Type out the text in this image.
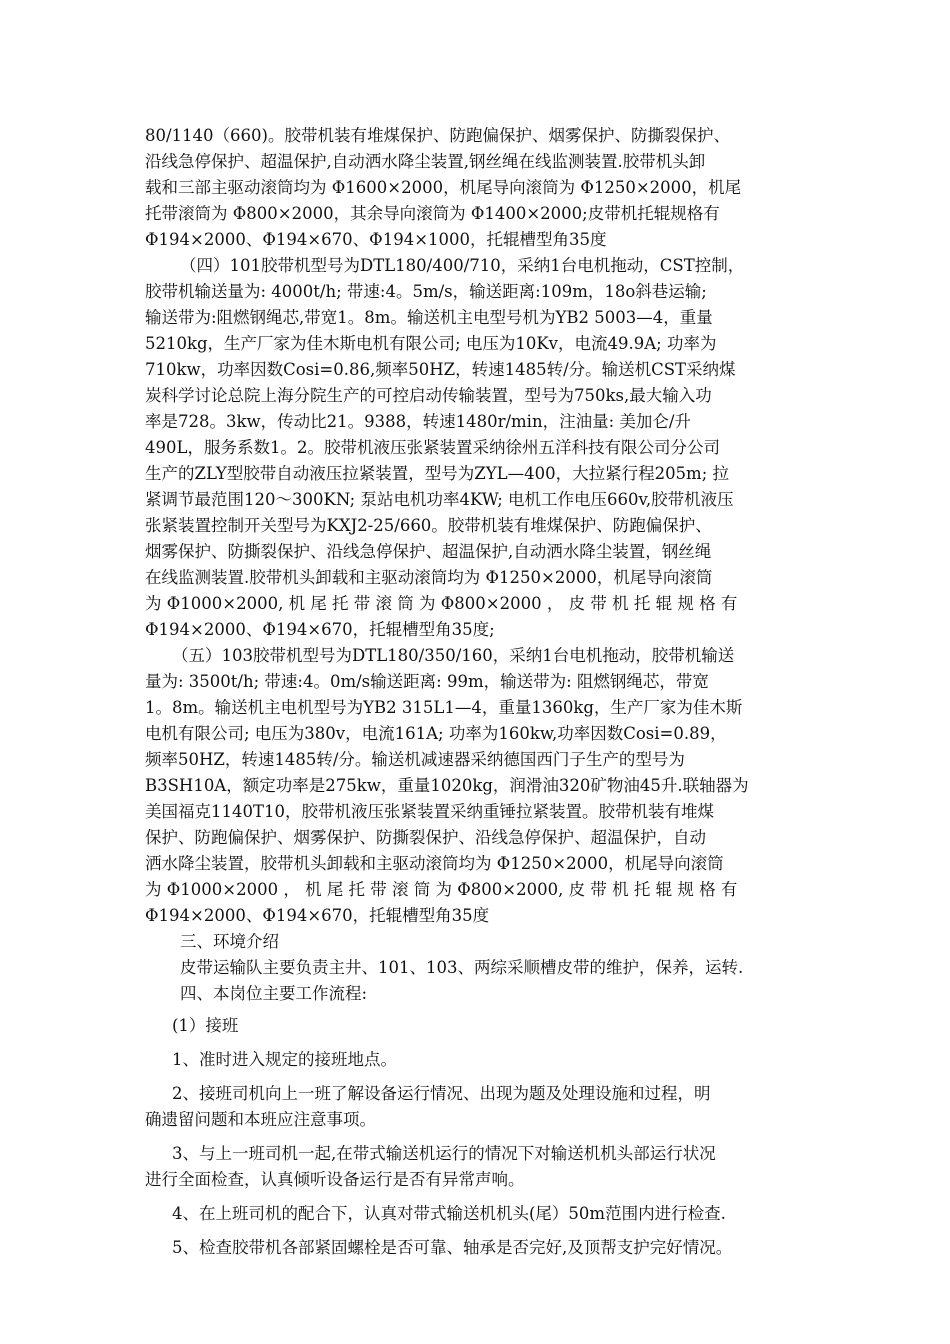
80/1140（660)。胶带机装有堆煤保护、防跑偏保护、烟雾保护、防撕裂保护、
沿线急停保护、超温保护,自动洒水降尘装置,钢丝绳在线监测装置.胶带机头卸
载和三部主驱动滚筒均为 Φ1600×2000，机尾导向滚筒为 Φ1250×2000，机尾
托带滚筒为 Φ800×2000，其余导向滚筒为 Φ1400×2000;皮带机托辊规格有
Φ194×2000、Φ194×670、Φ194×1000，托辊槽型角35度
（四）101胶带机型号为DTL180/400/710，采纳1台电机拖动，CST控制，
胶带机输送量为: 4000t/h; 带速:4。5m/s，输送距离:109m，18o斜巷运输;
输送带为:阻燃钢绳芯,带宽1。8m。输送机主电型号机为YB2 5003—4，重量
5210kg，生产厂家为佳木斯电机有限公司; 电压为10Kv，电流49.9A; 功率为
710kw，功率因数Cosi=0.86,频率50HZ，转速1485转/分。输送机CST采纳煤
炭科学讨论总院上海分院生产的可控启动传输装置，型号为750ks,最大输入功
率是728。3kw，传动比21。9388，转速1480r/min，注油量: 美加仑/升
490L，服务系数1。2。胶带机液压张紧装置采纳徐州五洋科技有限公司分公司
生产的ZLY型胶带自动液压拉紧装置，型号为ZYL—400，大拉紧行程205m; 拉
紧调节最范围120～300KN; 泵站电机功率4KW; 电机工作电压660v,胶带机液压
张紧装置控制开关型号为KXJ2-25/660。胶带机装有堆煤保护、防跑偏保护、
烟雾保护、防撕裂保护、沿线急停保护、超温保护,自动洒水降尘装置，钢丝绳
在线监测装置.胶带机头卸载和主驱动滚筒均为 Φ1250×2000，机尾导向滚筒
为 Φ1000×2000, 机 尾 托 带 滚 筒 为 Φ800×2000 ， 皮 带 机 托 辊 规 格 有
Φ194×2000、Φ194×670，托辊槽型角35度;
（五）103胶带机型号为DTL180/350/160，采纳1台电机拖动，胶带机输送
量为: 3500t/h; 带速:4。0m/s输送距离: 99m，输送带为: 阻燃钢绳芯，带宽
1。8m。输送机主电机型号为YB2 315L1—4，重量1360kg，生产厂家为佳木斯
电机有限公司; 电压为380v，电流161A; 功率为160kw,功率因数Cosi=0.89，
频率50HZ，转速1485转/分。输送机减速器采纳德国西门子生产的型号为
B3SH10A，额定功率是275kw，重量1020kg，润滑油320矿物油45升.联轴器为
美国福克1140T10，胶带机液压张紧装置采纳重锤拉紧装置。胶带机装有堆煤
保护、防跑偏保护、烟雾保护、防撕裂保护、沿线急停保护、超温保护，自动
洒水降尘装置，胶带机头卸载和主驱动滚筒均为 Φ1250×2000，机尾导向滚筒
为 Φ1000×2000 ， 机 尾 托 带 滚 筒 为 Φ800×2000, 皮 带 机 托 辊 规 格 有
Φ194×2000、Φ194×670，托辊槽型角35度
三、环境介绍
皮带运输队主要负责主井、101、103、两综采顺槽皮带的维护，保养，运转.
四、本岗位主要工作流程:
(1）接班
1、准时进入规定的接班地点。
2、接班司机向上一班了解设备运行情况、出现为题及处理设施和过程，明
确遗留问题和本班应注意事项。
3、与上一班司机一起,在带式输送机运行的情况下对输送机机头部运行状况
进行全面检查，认真倾听设备运行是否有异常声响。
4、在上班司机的配合下，认真对带式输送机机头(尾）50m范围内进行检查.
5、检查胶带机各部紧固螺栓是否可靠、轴承是否完好,及顶帮支护完好情况。
